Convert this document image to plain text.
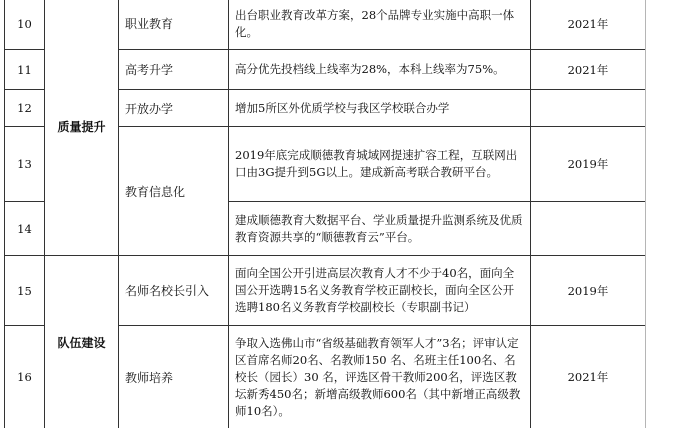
10	质量提升	职业教育	出台职业教育改革方案，28个品牌专业实施中高职一体化。	2021年
11		高考升学	高分优先投档线上线率为28%，本科上线率为75%。	2021年
12		开放办学	增加5所区外优质学校与我区学校联合办学	
13		教育信息化	2019年底完成顺德教育城域网提速扩容工程，互联网出口由3G提升到5G以上。建成新高考联合教研平台。	2019年
14			建成顺德教育大数据平台、学业质量提升监测系统及优质教育资源共享的“顺德教育云”平台。	
15	队伍建设	名师名校长引入	面向全国公开引进高层次教育人才不少于40名，面向全国公开选聘15名义务教育学校正副校长，面向全区公开选聘180名义务教育学校副校长（专职副书记）	2019年
16		教师培养	争取入选佛山市“省级基础教育领军人才”3名；评审认定区首席名师20名、名教师150 名、名班主任100名、名校长（园长）30 名，评选区骨干教师200名，评选区教坛新秀450名；新增高级教师600名（其中新增正高级教师10名）。	2021年
